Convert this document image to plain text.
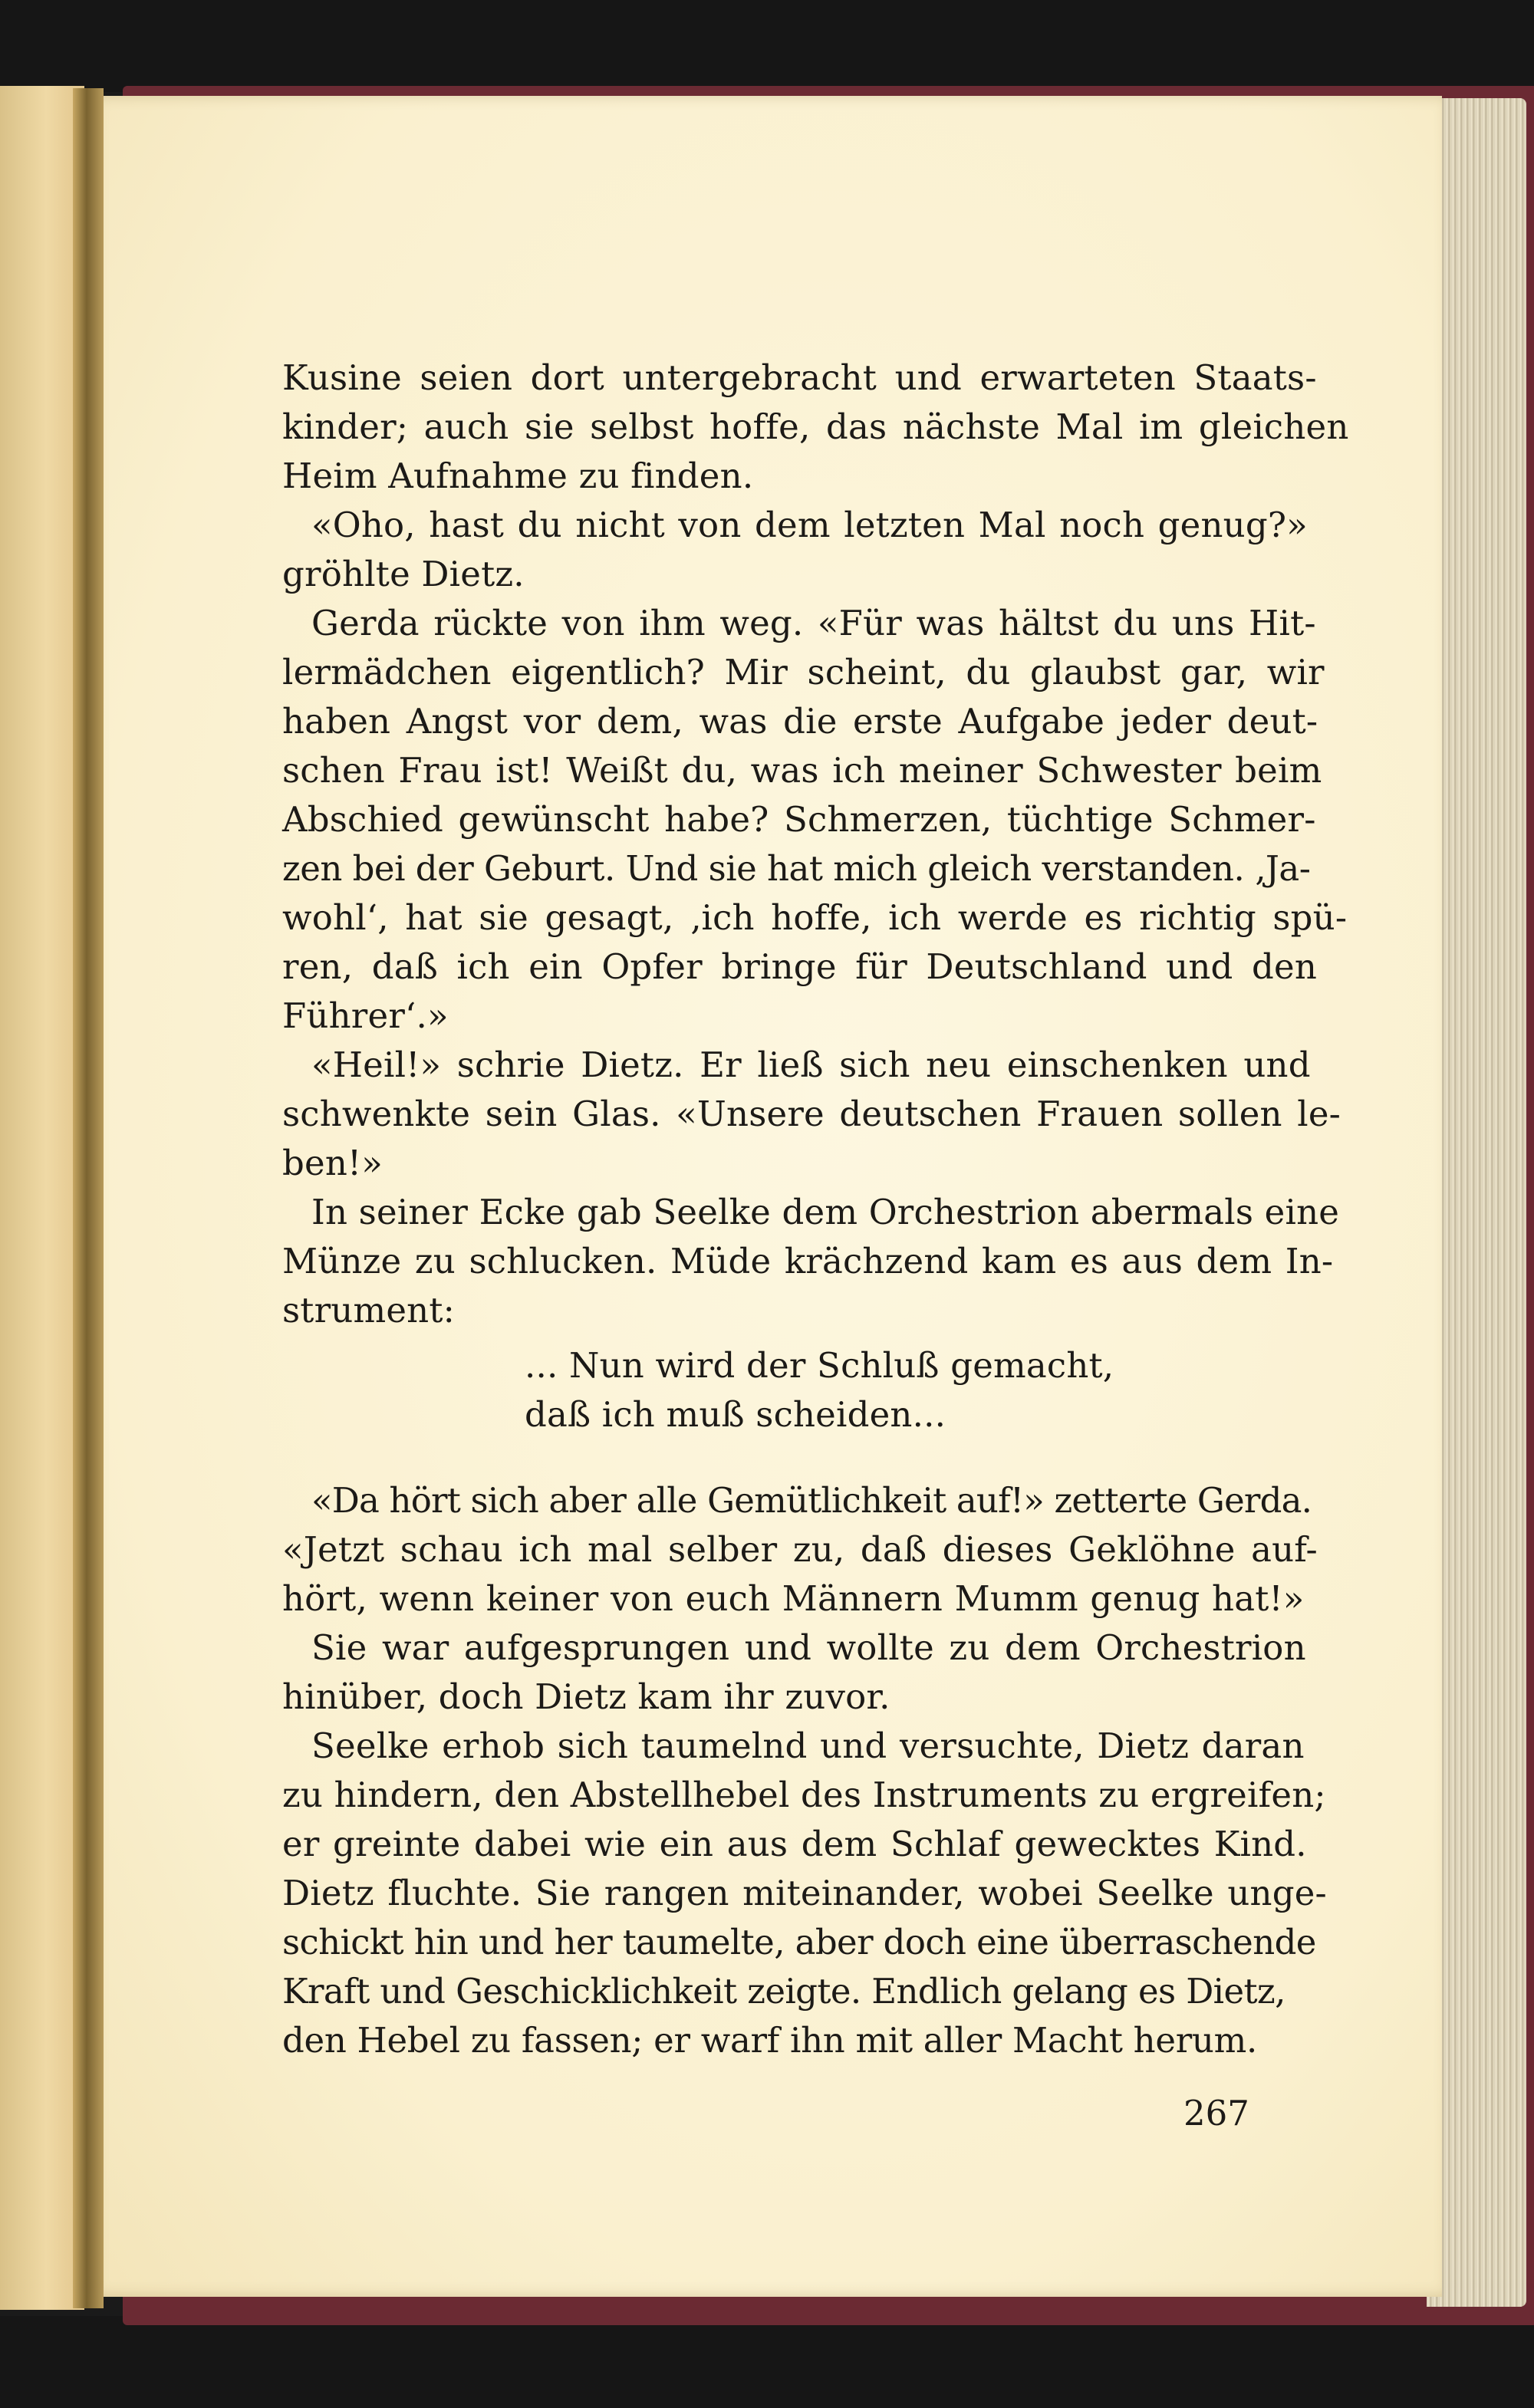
Kusine seien dort untergebracht und erwarteten Staats-
kinder; auch sie selbst hoffe, das nächste Mal im gleichen
Heim Aufnahme zu finden.
«Oho, hast du nicht von dem letzten Mal noch genug?»
gröhlte Dietz.
Gerda rückte von ihm weg. «Für was hältst du uns Hit-
lermädchen eigentlich? Mir scheint, du glaubst gar, wir
haben Angst vor dem, was die erste Aufgabe jeder deut-
schen Frau ist! Weißt du, was ich meiner Schwester beim
Abschied gewünscht habe? Schmerzen, tüchtige Schmer-
zen bei der Geburt. Und sie hat mich gleich verstanden. ‚Ja-
wohl‘, hat sie gesagt, ‚ich hoffe, ich werde es richtig spü-
ren, daß ich ein Opfer bringe für Deutschland und den
Führer‘.»
«Heil!» schrie Dietz. Er ließ sich neu einschenken und
schwenkte sein Glas. «Unsere deutschen Frauen sollen le-
ben!»
In seiner Ecke gab Seelke dem Orchestrion abermals eine
Münze zu schlucken. Müde krächzend kam es aus dem In-
strument:
... Nun wird der Schluß gemacht,
daß ich muß scheiden...
«Da hört sich aber alle Gemütlichkeit auf!» zetterte Gerda.
«Jetzt schau ich mal selber zu, daß dieses Geklöhne auf-
hört, wenn keiner von euch Männern Mumm genug hat!»
Sie war aufgesprungen und wollte zu dem Orchestrion
hinüber, doch Dietz kam ihr zuvor.
Seelke erhob sich taumelnd und versuchte, Dietz daran
zu hindern, den Abstellhebel des Instruments zu ergreifen;
er greinte dabei wie ein aus dem Schlaf gewecktes Kind.
Dietz fluchte. Sie rangen miteinander, wobei Seelke unge-
schickt hin und her taumelte, aber doch eine überraschende
Kraft und Geschicklichkeit zeigte. Endlich gelang es Dietz,
den Hebel zu fassen; er warf ihn mit aller Macht herum.
267
